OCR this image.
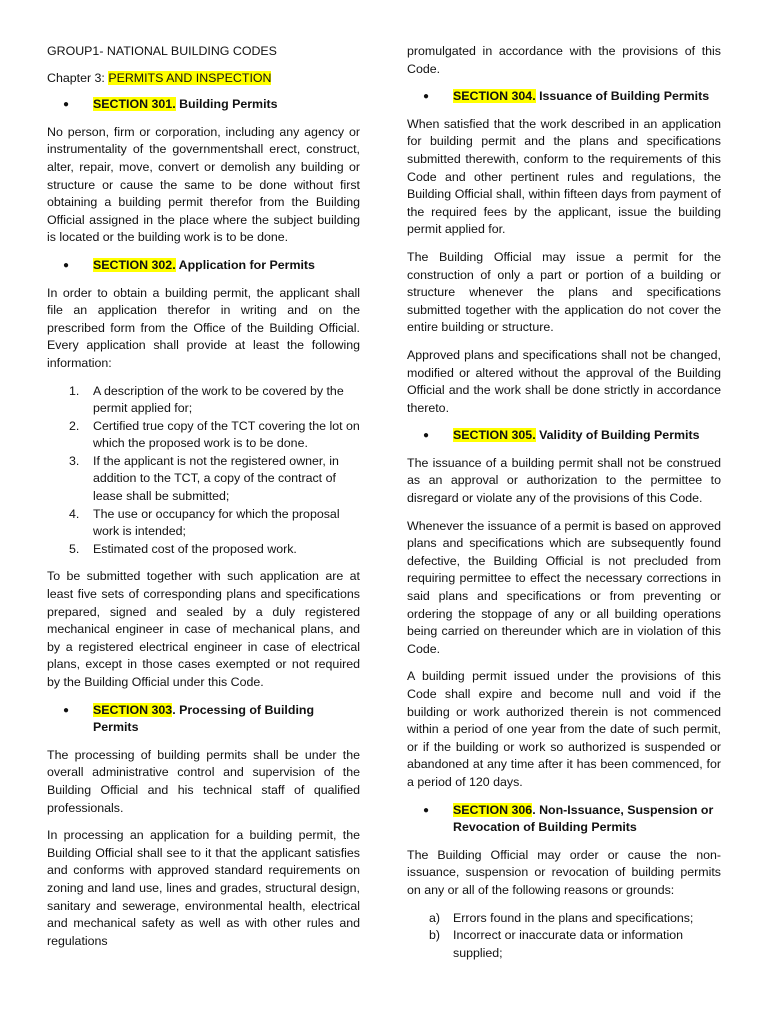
GROUP1- NATIONAL BUILDING CODES

Chapter 3: PERMITS AND INSPECTION

● SECTION 301. Building Permits

No person, firm or corporation, including any agency or instrumentality of the governmentshall erect, construct, alter, repair, move, convert or demolish any building or structure or cause the same to be done without first obtaining a building permit therefor from the Building Official assigned in the place where the subject building is located or the building work is to be done.

● SECTION 302. Application for Permits

In order to obtain a building permit, the applicant shall file an application therefor in writing and on the prescribed form from the Office of the Building Official. Every application shall provide at least the following information:

1. A description of the work to be covered by the permit applied for;
2. Certified true copy of the TCT covering the lot on which the proposed work is to be done.
3. If the applicant is not the registered owner, in addition to the TCT, a copy of the contract of lease shall be submitted;
4. The use or occupancy for which the proposal work is intended;
5. Estimated cost of the proposed work.

To be submitted together with such application are at least five sets of corresponding plans and specifications prepared, signed and sealed by a duly registered mechanical engineer in case of mechanical plans, and by a registered electrical engineer in case of electrical plans, except in those cases exempted or not required by the Building Official under this Code.

● SECTION 303. Processing of Building Permits

The processing of building permits shall be under the overall administrative control and supervision of the Building Official and his technical staff of qualified professionals.

In processing an application for a building permit, the Building Official shall see to it that the applicant satisfies and conforms with approved standard requirements on zoning and land use, lines and grades, structural design, sanitary and sewerage, environmental health, electrical and mechanical safety as well as with other rules and regulations

promulgated in accordance with the provisions of this Code.

● SECTION 304. Issuance of Building Permits

When satisfied that the work described in an application for building permit and the plans and specifications submitted therewith, conform to the requirements of this Code and other pertinent rules and regulations, the Building Official shall, within fifteen days from payment of the required fees by the applicant, issue the building permit applied for.

The Building Official may issue a permit for the construction of only a part or portion of a building or structure whenever the plans and specifications submitted together with the application do not cover the entire building or structure.

Approved plans and specifications shall not be changed, modified or altered without the approval of the Building Official and the work shall be done strictly in accordance thereto.

● SECTION 305. Validity of Building Permits

The issuance of a building permit shall not be construed as an approval or authorization to the permittee to disregard or violate any of the provisions of this Code.

Whenever the issuance of a permit is based on approved plans and specifications which are subsequently found defective, the Building Official is not precluded from requiring permittee to effect the necessary corrections in said plans and specifications or from preventing or ordering the stoppage of any or all building operations being carried on thereunder which are in violation of this Code.

A building permit issued under the provisions of this Code shall expire and become null and void if the building or work authorized therein is not commenced within a period of one year from the date of such permit, or if the building or work so authorized is suspended or abandoned at any time after it has been commenced, for a period of 120 days.

● SECTION 306. Non-Issuance, Suspension or Revocation of Building Permits

The Building Official may order or cause the non-issuance, suspension or revocation of building permits on any or all of the following reasons or grounds:

a) Errors found in the plans and specifications;
b) Incorrect or inaccurate data or information supplied;
